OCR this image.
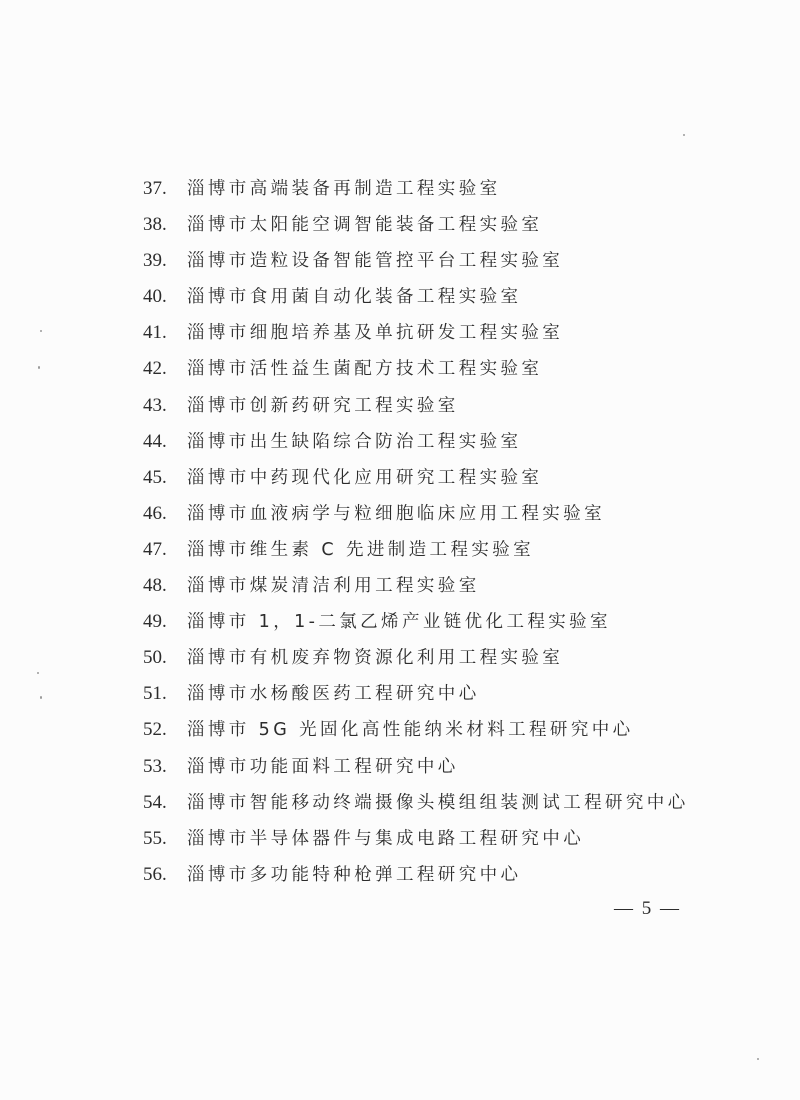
37. 淄博市高端装备再制造工程实验室
38. 淄博市太阳能空调智能装备工程实验室
39. 淄博市造粒设备智能管控平台工程实验室
40. 淄博市食用菌自动化装备工程实验室
41. 淄博市细胞培养基及单抗研发工程实验室
42. 淄博市活性益生菌配方技术工程实验室
43. 淄博市创新药研究工程实验室
44. 淄博市出生缺陷综合防治工程实验室
45. 淄博市中药现代化应用研究工程实验室
46. 淄博市血液病学与粒细胞临床应用工程实验室
47. 淄博市维生素 C 先进制造工程实验室
48. 淄博市煤炭清洁利用工程实验室
49. 淄博市 1，1-二氯乙烯产业链优化工程实验室
50. 淄博市有机废弃物资源化利用工程实验室
51. 淄博市水杨酸医药工程研究中心
52. 淄博市 5G 光固化高性能纳米材料工程研究中心
53. 淄博市功能面料工程研究中心
54. 淄博市智能移动终端摄像头模组组装测试工程研究中心
55. 淄博市半导体器件与集成电路工程研究中心
56. 淄博市多功能特种枪弹工程研究中心
— 5 —
